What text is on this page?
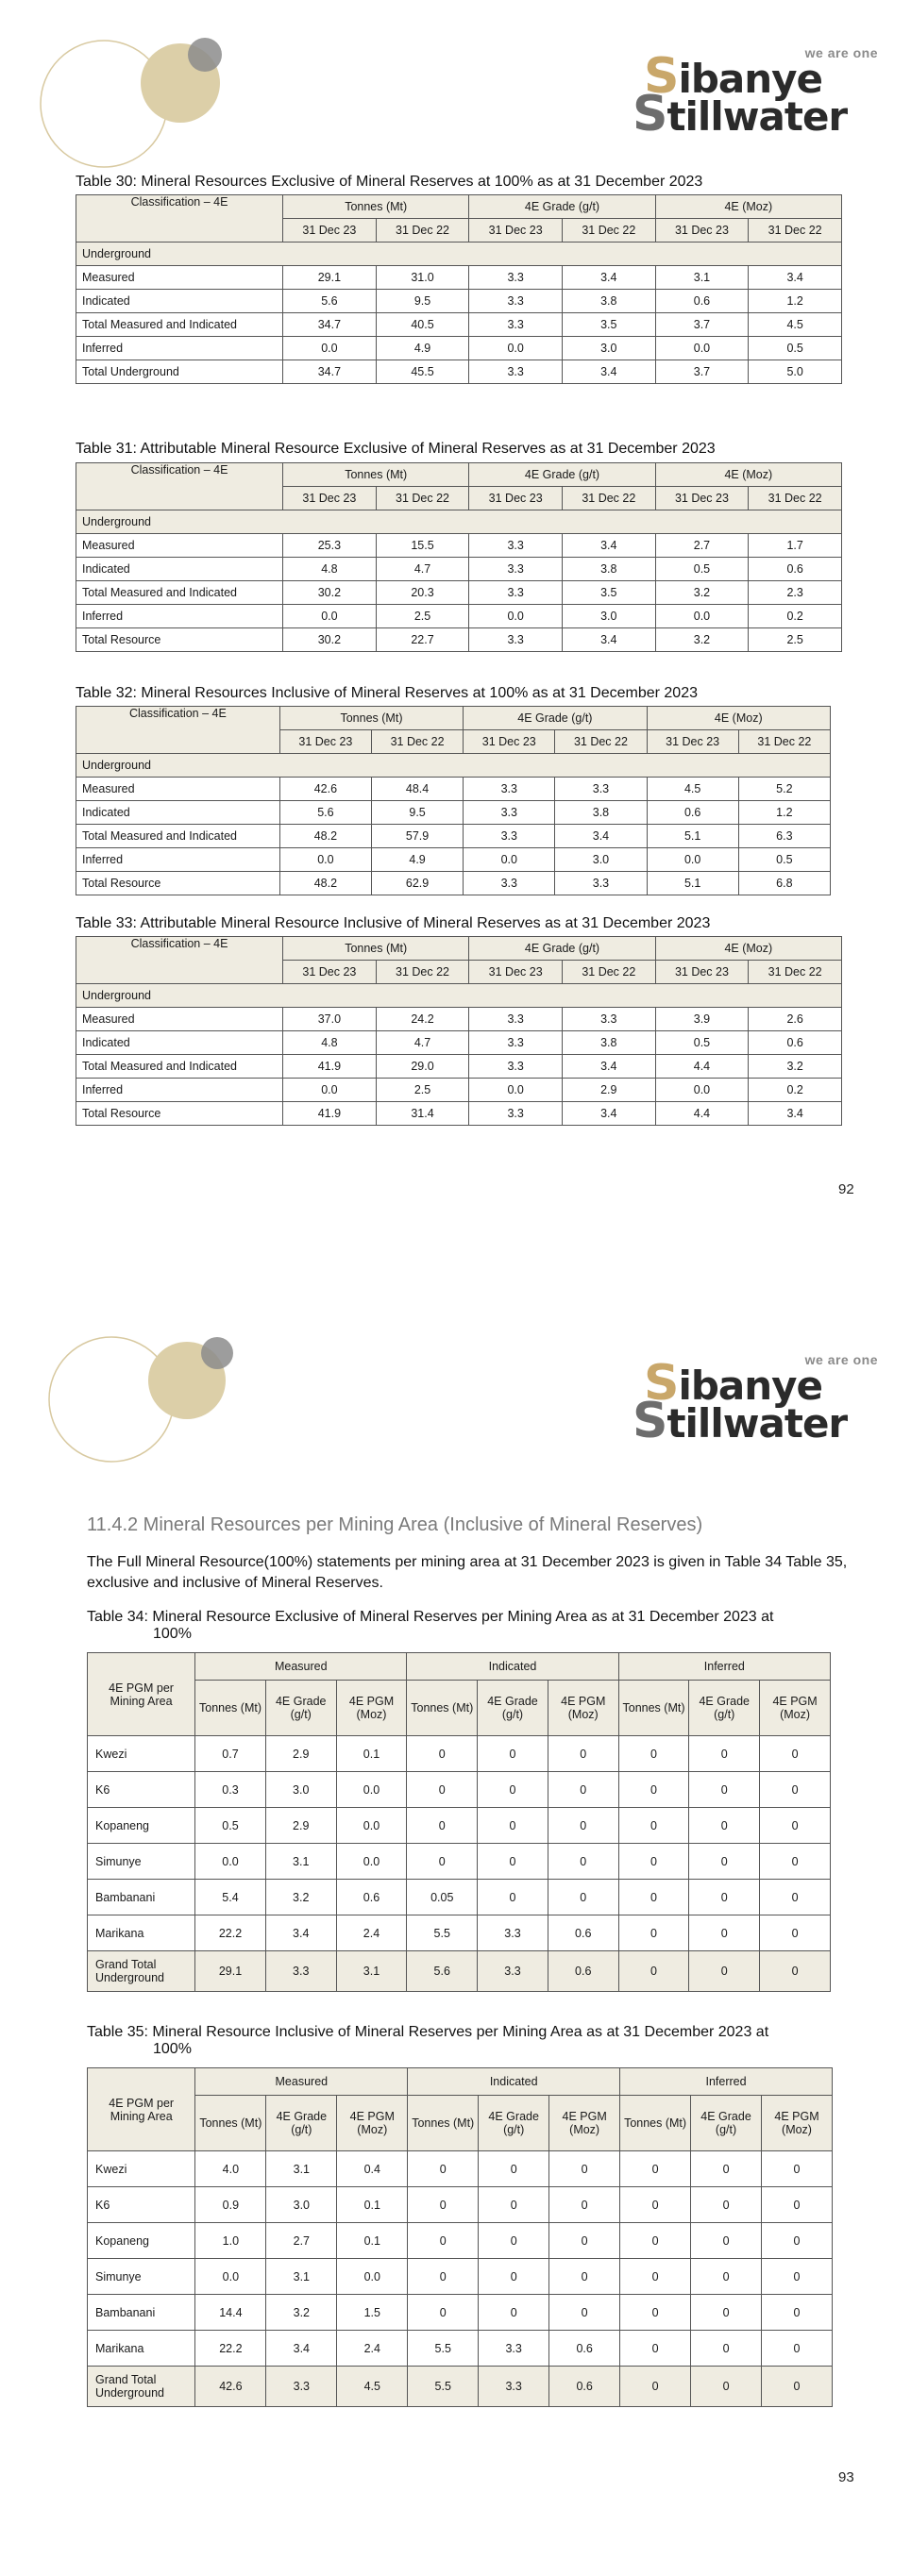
we are one
Sibanye
Stillwater
Table 30: Mineral Resources Exclusive of Mineral Reserves at 100% as at 31 December 2023
Classification – 4E	Tonnes (Mt)		4E Grade (g/t)		4E (Moz)	
	31 Dec 23	31 Dec 22	31 Dec 23	31 Dec 22	31 Dec 23	31 Dec 22
Underground						
Measured	29.1	31.0	3.3	3.4	3.1	3.4
Indicated	5.6	9.5	3.3	3.8	0.6	1.2
Total Measured and Indicated	34.7	40.5	3.3	3.5	3.7	4.5
Inferred	0.0	4.9	0.0	3.0	0.0	0.5
Total Underground	34.7	45.5	3.3	3.4	3.7	5.0
Table 31: Attributable Mineral Resource Exclusive of Mineral Reserves as at 31 December 2023
Classification – 4E	Tonnes (Mt)		4E Grade (g/t)		4E (Moz)	
	31 Dec 23	31 Dec 22	31 Dec 23	31 Dec 22	31 Dec 23	31 Dec 22
Underground						
Measured	25.3	15.5	3.3	3.4	2.7	1.7
Indicated	4.8	4.7	3.3	3.8	0.5	0.6
Total Measured and Indicated	30.2	20.3	3.3	3.5	3.2	2.3
Inferred	0.0	2.5	0.0	3.0	0.0	0.2
Total Resource	30.2	22.7	3.3	3.4	3.2	2.5
Table 32: Mineral Resources Inclusive of Mineral Reserves at 100% as at 31 December 2023
Classification – 4E	Tonnes (Mt)		4E Grade (g/t)		4E (Moz)	
	31 Dec 23	31 Dec 22	31 Dec 23	31 Dec 22	31 Dec 23	31 Dec 22
Underground						
Measured	42.6	48.4	3.3	3.3	4.5	5.2
Indicated	5.6	9.5	3.3	3.8	0.6	1.2
Total Measured and Indicated	48.2	57.9	3.3	3.4	5.1	6.3
Inferred	0.0	4.9	0.0	3.0	0.0	0.5
Total Resource	48.2	62.9	3.3	3.3	5.1	6.8
Table 33: Attributable Mineral Resource Inclusive of Mineral Reserves as at 31 December 2023
Classification – 4E	Tonnes (Mt)		4E Grade (g/t)		4E (Moz)	
	31 Dec 23	31 Dec 22	31 Dec 23	31 Dec 22	31 Dec 23	31 Dec 22
Underground						
Measured	37.0	24.2	3.3	3.3	3.9	2.6
Indicated	4.8	4.7	3.3	3.8	0.5	0.6
Total Measured and Indicated	41.9	29.0	3.3	3.4	4.4	3.2
Inferred	0.0	2.5	0.0	2.9	0.0	0.2
Total Resource	41.9	31.4	3.3	3.4	4.4	3.4
92
we are one
Sibanye
Stillwater
11.4.2 Mineral Resources per Mining Area (Inclusive of Mineral Reserves)
The Full Mineral Resource(100%) statements per mining area at 31 December 2023 is given in Table 34 Table 35, exclusive and inclusive of Mineral Reserves.
Table 34: Mineral Resource Exclusive of Mineral Reserves per Mining Area as at 31 December 2023 at
100%
4E PGM per Mining Area	Measured			Indicated			Inferred		
	Tonnes (Mt)	4E Grade (g/t)	4E PGM (Moz)	Tonnes (Mt)	4E Grade (g/t)	4E PGM (Moz)	Tonnes (Mt)	4E Grade (g/t)	4E PGM (Moz)
Kwezi	0.7	2.9	0.1	0	0	0	0	0	0
K6	0.3	3.0	0.0	0	0	0	0	0	0
Kopaneng	0.5	2.9	0.0	0	0	0	0	0	0
Simunye	0.0	3.1	0.0	0	0	0	0	0	0
Bambanani	5.4	3.2	0.6	0.05	0	0	0	0	0
Marikana	22.2	3.4	2.4	5.5	3.3	0.6	0	0	0
Grand Total Underground	29.1	3.3	3.1	5.6	3.3	0.6	0	0	0
Table 35: Mineral Resource Inclusive of Mineral Reserves per Mining Area as at 31 December 2023 at
100%
4E PGM per Mining Area	Measured			Indicated			Inferred		
	Tonnes (Mt)	4E Grade (g/t)	4E PGM (Moz)	Tonnes (Mt)	4E Grade (g/t)	4E PGM (Moz)	Tonnes (Mt)	4E Grade (g/t)	4E PGM (Moz)
Kwezi	4.0	3.1	0.4	0	0	0	0	0	0
K6	0.9	3.0	0.1	0	0	0	0	0	0
Kopaneng	1.0	2.7	0.1	0	0	0	0	0	0
Simunye	0.0	3.1	0.0	0	0	0	0	0	0
Bambanani	14.4	3.2	1.5	0	0	0	0	0	0
Marikana	22.2	3.4	2.4	5.5	3.3	0.6	0	0	0
Grand Total Underground	42.6	3.3	4.5	5.5	3.3	0.6	0	0	0
93
